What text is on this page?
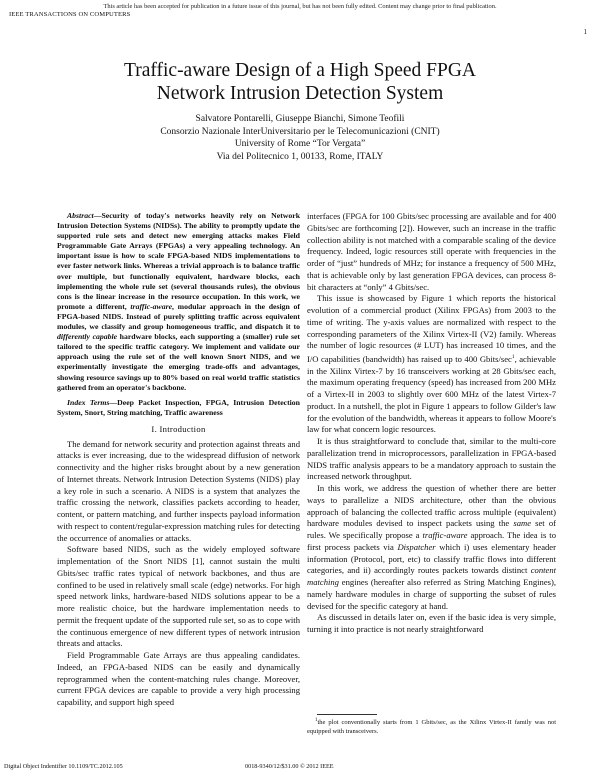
This article has been accepted for publication in a future issue of this journal, but has not been fully edited. Content may change prior to final publication.
IEEE TRANSACTIONS ON COMPUTERS
1
Traffic-aware Design of a High Speed FPGA
Network Intrusion Detection System
Salvatore Pontarelli, Giuseppe Bianchi, Simone Teofili
Consorzio Nazionale InterUniversitario per le Telecomunicazioni (CNIT)
University of Rome “Tor Vergata”
Via del Politecnico 1, 00133, Rome, ITALY

Abstract—Security of today's networks heavily rely on Network Intrusion Detection Systems (NIDSs). The ability to promptly update the supported rule sets and detect new emerging attacks makes Field Programmable Gate Arrays (FPGAs) a very appealing technology. An important issue is how to scale FPGA-based NIDS implementations to ever faster network links. Whereas a trivial approach is to balance traffic over multiple, but functionally equivalent, hardware blocks, each implementing the whole rule set (several thousands rules), the obvious cons is the linear increase in the resource occupation. In this work, we promote a different, traffic-aware, modular approach in the design of FPGA-based NIDS. Instead of purely splitting traffic across equivalent modules, we classify and group homogeneous traffic, and dispatch it to differently capable hardware blocks, each supporting a (smaller) rule set tailored to the specific traffic category. We implement and validate our approach using the rule set of the well known Snort NIDS, and we experimentally investigate the emerging trade-offs and advantages, showing resource savings up to 80% based on real world traffic statistics gathered from an operator's backbone.

Index Terms—Deep Packet Inspection, FPGA, Intrusion Detection System, Snort, String matching, Traffic awareness

I. Introduction

The demand for network security and protection against threats and attacks is ever increasing, due to the widespread diffusion of network connectivity and the higher risks brought about by a new generation of Internet threats. Network Intrusion Detection Systems (NIDS) play a key role in such a scenario. A NIDS is a system that analyzes the traffic crossing the network, classifies packets according to header, content, or pattern matching, and further inspects payload information with respect to content/regular-expression matching rules for detecting the occurrence of anomalies or attacks.

Software based NIDS, such as the widely employed software implementation of the Snort NIDS [1], cannot sustain the multi Gbits/sec traffic rates typical of network backbones, and thus are confined to be used in relatively small scale (edge) networks. For high speed network links, hardware-based NIDS solutions appear to be a more realistic choice, but the hardware implementation needs to permit the frequent update of the supported rule set, so as to cope with the continuous emergence of new different types of network intrusion threats and attacks.

Field Programmable Gate Arrays are thus appealing candidates. Indeed, an FPGA-based NIDS can be easily and dynamically reprogrammed when the content-matching rules change. Moreover, current FPGA devices are capable to provide a very high processing capability, and support high speed

interfaces (FPGA for 100 Gbits/sec processing are available and for 400 Gbits/sec are forthcoming [2]). However, such an increase in the traffic collection ability is not matched with a comparable scaling of the device frequency. Indeed, logic resources still operate with frequencies in the order of “just” hundreds of MHz; for instance a frequency of 500 MHz, that is achievable only by last generation FPGA devices, can process 8-bit characters at “only” 4 Gbits/sec.

This issue is showcased by Figure 1 which reports the historical evolution of a commercial product (Xilinx FPGAs) from 2003 to the time of writing. The y-axis values are normalized with respect to the corresponding parameters of the Xilinx Virtex-II (V2) family. Whereas the number of logic resources (# LUT) has increased 10 times, and the I/O capabilities (bandwidth) has raised up to 400 Gbits/$\sec^1$, achievable in the Xilinx Virtex-7 by 16 transceivers working at 28 Gbits/sec each, the maximum operating frequency (speed) has increased from 200 MHz of a Virtex-II in 2003 to slightly over 600 MHz of the latest Virtex-7 product. In a nutshell, the plot in Figure 1 appears to follow Gilder's law for the evolution of the bandwidth, whereas it appears to follow Moore's law for what concern logic resources.

It is thus straightforward to conclude that, similar to the multi-core parallelization trend in microprocessors, parallelization in FPGA-based NIDS traffic analysis appears to be a mandatory approach to sustain the increased network throughput.

In this work, we address the question of whether there are better ways to parallelize a NIDS architecture, other than the obvious approach of balancing the collected traffic across multiple (equivalent) hardware modules devised to inspect packets using the same set of rules. We specifically propose a traffic-aware approach. The idea is to first process packets via Dispatcher which i) uses elementary header information (Protocol, port, etc) to classify traffic flows into different categories, and ii) accordingly routes packets towards distinct content matching engines (hereafter also referred as String Matching Engines), namely hardware modules in charge of supporting the subset of rules devised for the specific category at hand.

As discussed in details later on, even if the basic idea is very simple, turning it into practice is not nearly straightforward

$^1$the plot conventionally starts from 1 Gbits/sec, as the Xilinx Virtex-II family was not equipped with transceivers.
Digital Object Indentifier 10.1109/TC.2012.105	0018-9340/12/$31.00 © 2012 IEEE
